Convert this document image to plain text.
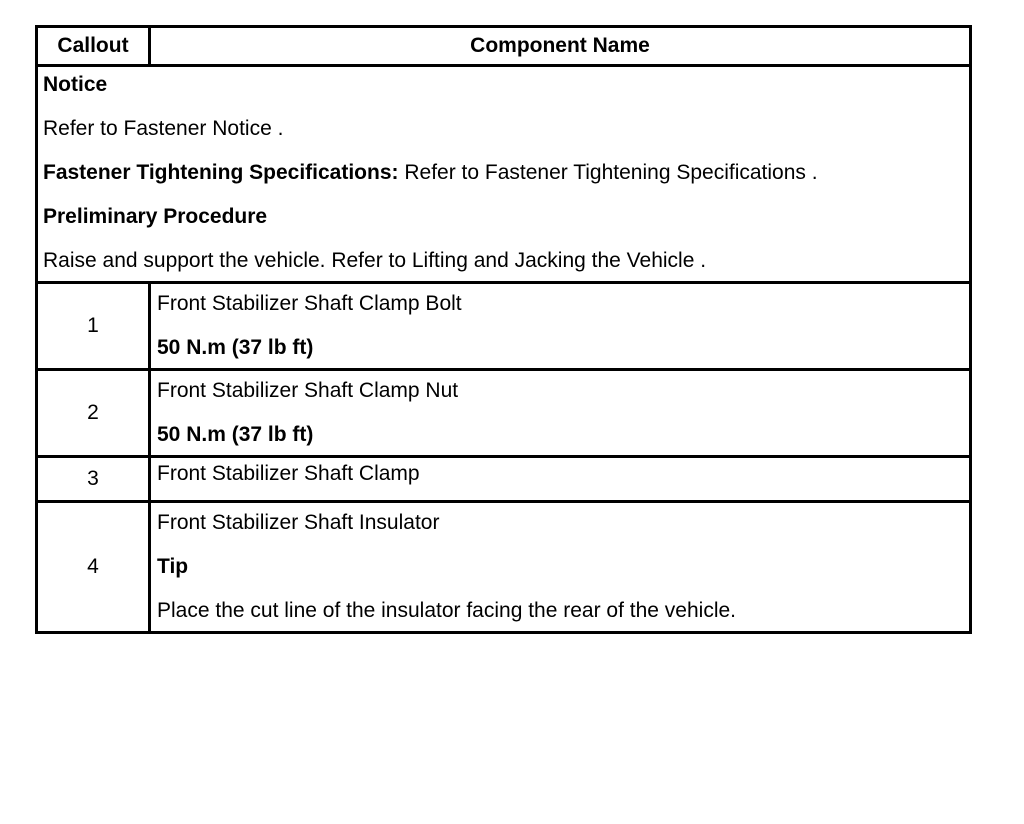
Callout	Component Name

Notice

Refer to Fastener Notice .

Fastener Tightening Specifications: Refer to Fastener Tightening Specifications .

Preliminary Procedure

Raise and support the vehicle. Refer to Lifting and Jacking the Vehicle .	

1	Front Stabilizer Shaft Clamp Bolt

50 N.m (37 lb ft)

2	Front Stabilizer Shaft Clamp Nut

50 N.m (37 lb ft)

3	Front Stabilizer Shaft Clamp

4	Front Stabilizer Shaft Insulator

Tip

Place the cut line of the insulator facing the rear of the vehicle.
